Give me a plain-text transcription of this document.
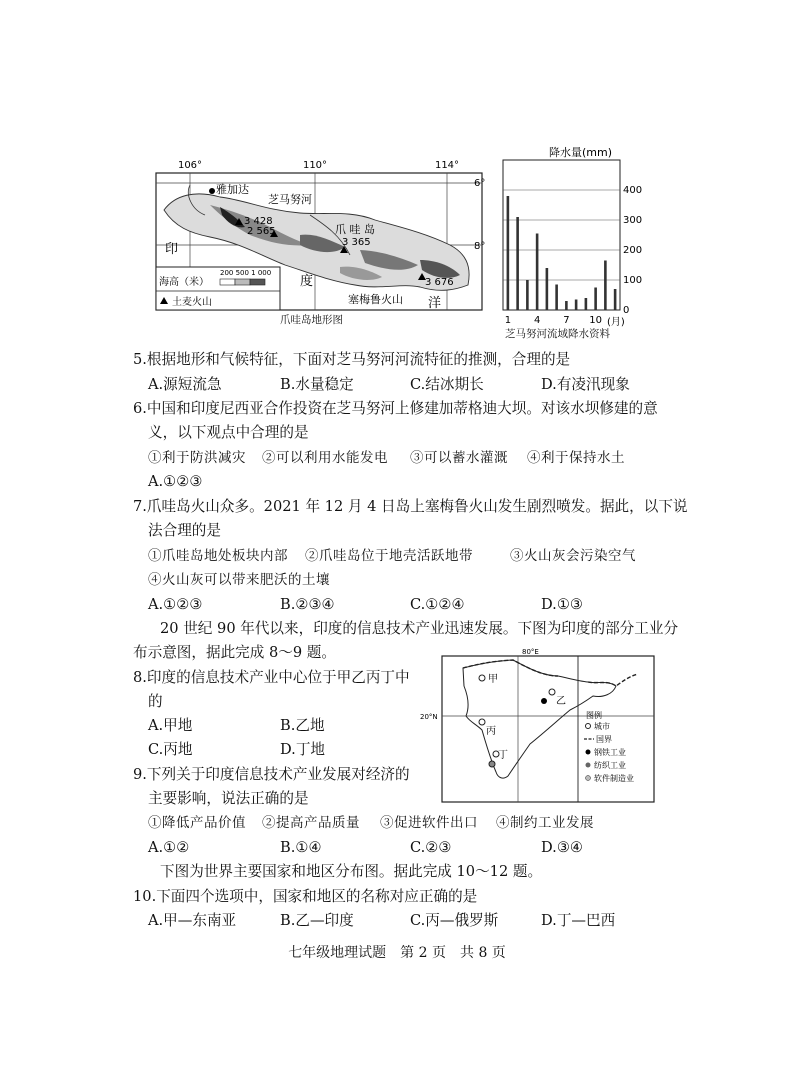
106°	110°	114°
6°
8°
雅加达
芝马努河
爪 哇 岛
印
度
洋
塞梅鲁火山
3 428
2 565
3 365
3 676
海高（米）
200 500 1 000
土麦火山
爪哇岛地形图
降水量(mm)
(月)
0
100
200
300
400
1 4 7 10
芝马努河流域降水资料
5.根据地形和气候特征，下面对芝马努河河流特征的推测，合理的是
A.源短流急	B.水量稳定	C.结冰期长	D.有凌汛现象
6.中国和印度尼西亚合作投资在芝马努河上修建加蒂格迪大坝。对该水坝修建的意
义，以下观点中合理的是
①利于防洪减灾 ②可以利用水能发电 ③可以蓄水灌溉 ④利于保持水土
A.①②③
7.爪哇岛火山众多。2021 年 12 月 4 日岛上塞梅鲁火山发生剧烈喷发。据此，以下说
法合理的是
①爪哇岛地处板块内部 ②爪哇岛位于地壳活跃地带	③火山灰会污染空气
④火山灰可以带来肥沃的土壤
A.①②③	B.②③④	C.①②④	D.①③
20 世纪 90 年代以来，印度的信息技术产业迅速发展。下图为印度的部分工业分
布示意图，据此完成 8～9 题。
8.印度的信息技术产业中心位于甲乙丙丁中
的
A.甲地	B.乙地
C.丙地	D.丁地
9.下列关于印度信息技术产业发展对经济的
主要影响，说法正确的是
①降低产品价值 ②提高产品质量 ③促进软件出口 ④制约工业发展
A.①②	B.①④	C.②③	D.③④
下图为世界主要国家和地区分布图。据此完成 10～12 题。
10.下面四个选项中，国家和地区的名称对应正确的是
A.甲—东南亚	B.乙—印度	C.丙—俄罗斯	D.丁—巴西
80°E
20°N
甲
乙
丙
丁
图例
城市
国界
钢铁工业
纺织工业
软件制造业
七年级地理试题　第 2 页　共 8 页
